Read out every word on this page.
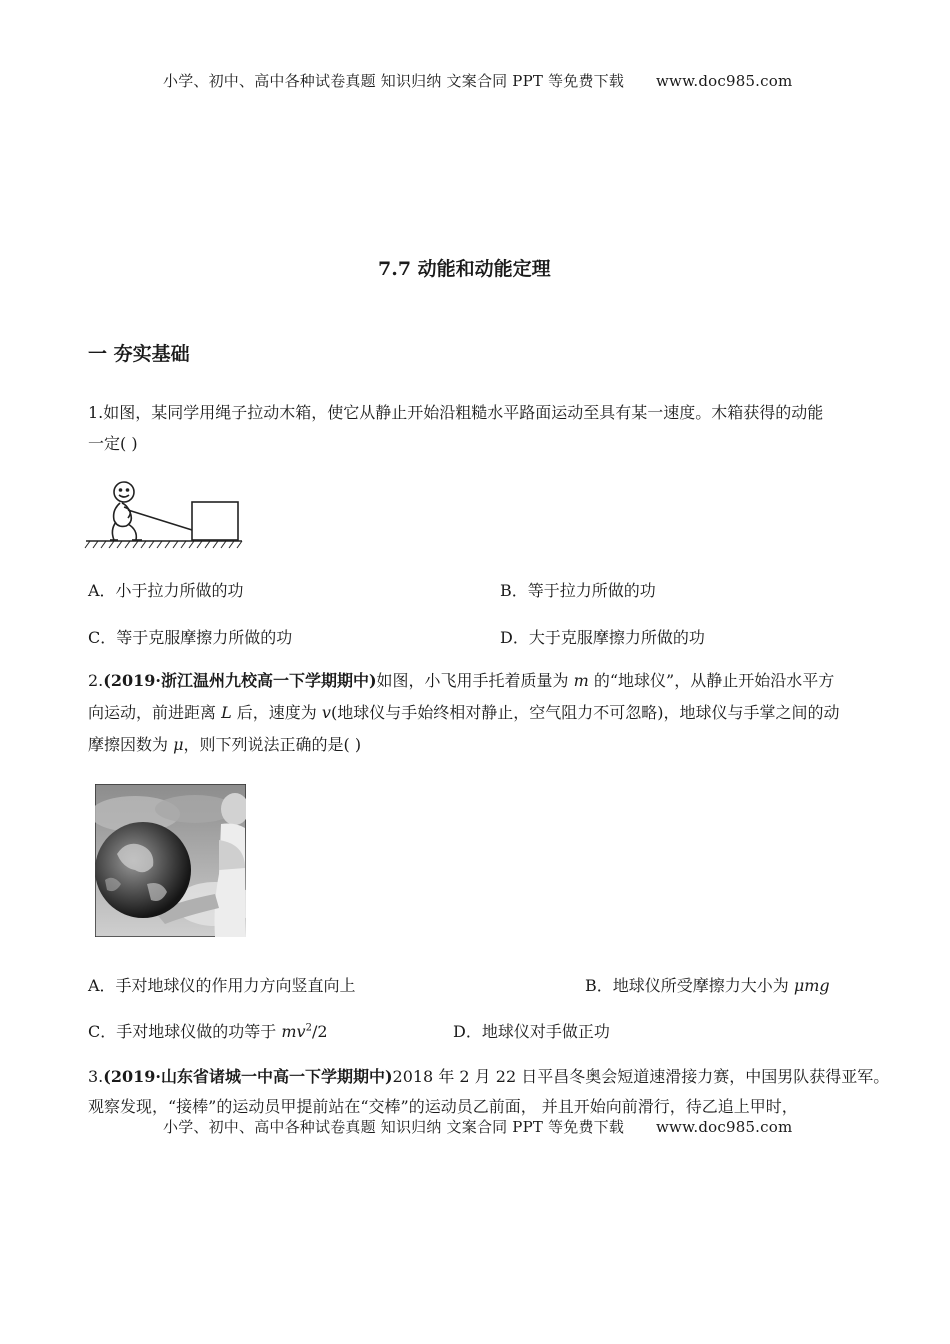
小学、初中、高中各种试卷真题 知识归纳 文案合同 PPT 等免费下载 www.doc985.com
7.7 动能和动能定理
一 夯实基础
1.如图，某同学用绳子拉动木箱，使它从静止开始沿粗糙水平路面运动至具有某一速度。木箱获得的动能
一定( )
A．小于拉力所做的功	B．等于拉力所做的功
C．等于克服摩擦力所做的功	D．大于克服摩擦力所做的功
2.(2019·浙江温州九校高一下学期期中)如图，小飞用手托着质量为 m 的“地球仪”，从静止开始沿水平方
向运动，前进距离 L 后，速度为 v(地球仪与手始终相对静止，空气阻力不可忽略)，地球仪与手掌之间的动
摩擦因数为 μ，则下列说法正确的是( )
A．手对地球仪的作用力方向竖直向上	B．地球仪所受摩擦力大小为 μmg
C．手对地球仪做的功等于 $mv^2/2$	D．地球仪对手做正功
3.(2019·山东省诸城一中高一下学期期中)2018 年 2 月 22 日平昌冬奥会短道速滑接力赛，中国男队获得亚军。
观察发现，“接棒”的运动员甲提前站在“交棒”的运动员乙前面， 并且开始向前滑行，待乙追上甲时，
小学、初中、高中各种试卷真题 知识归纳 文案合同 PPT 等免费下载 www.doc985.com
